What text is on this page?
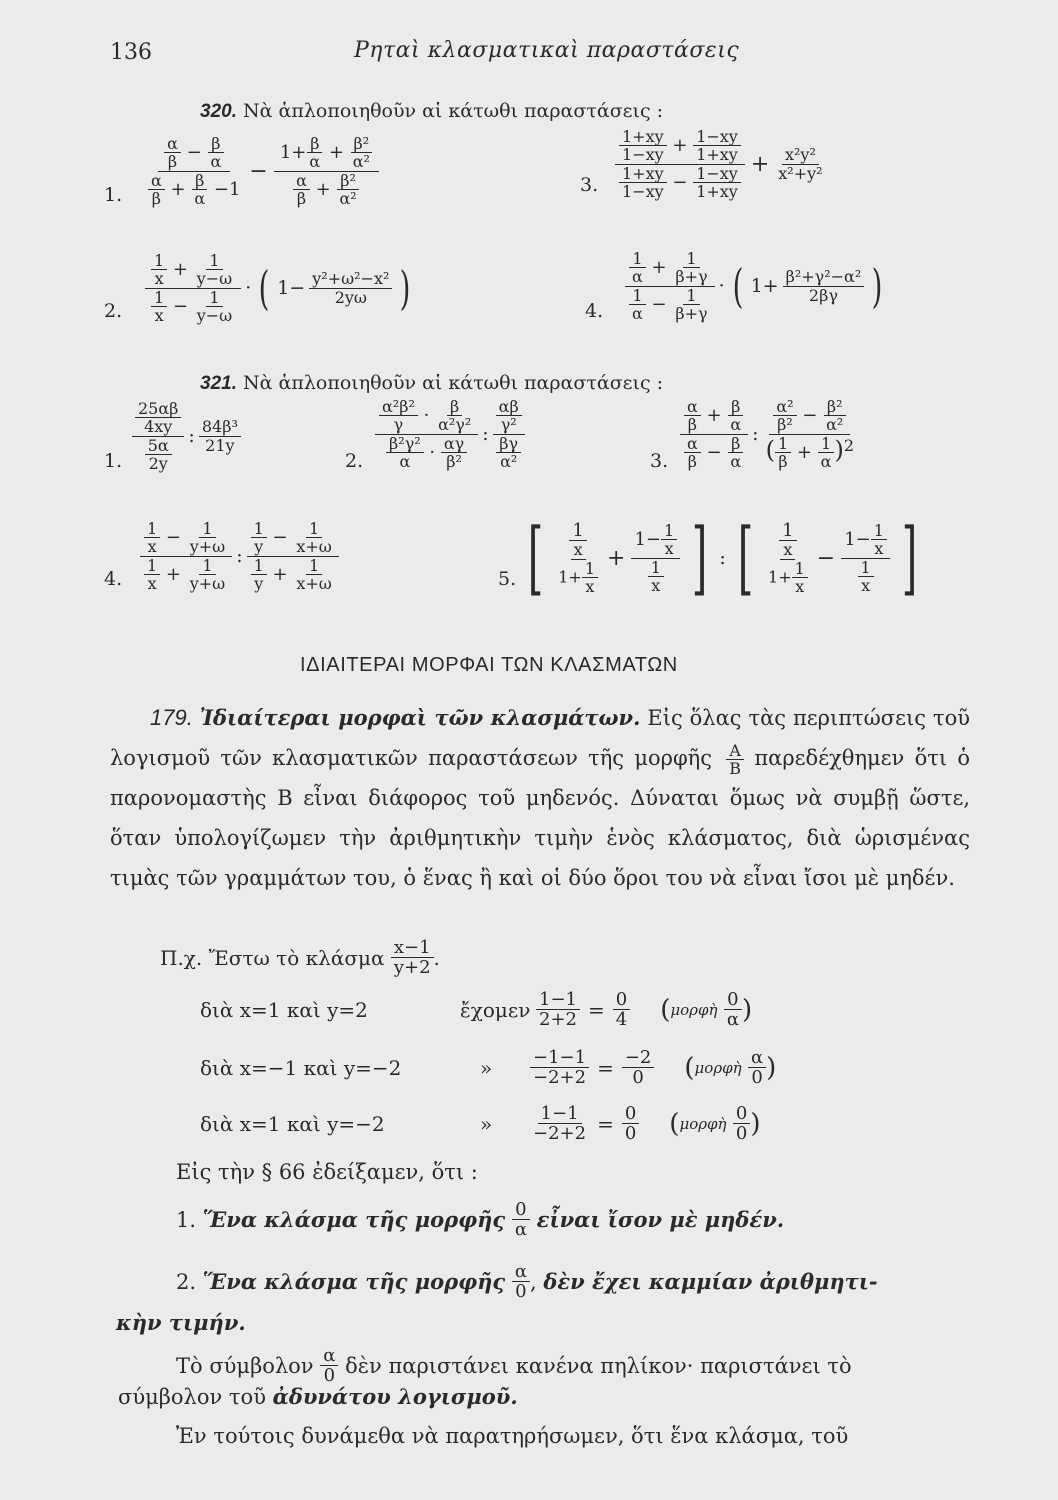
136	Ρηταὶ κλασματικαὶ παραστάσεις
320. Νὰ ἁπλοποιηθοῦν αἱ κάτωθι παραστάσεις :
1.
$\frac{\alpha}{\beta} - \frac{\beta}{\alpha}$
$\frac{\alpha}{\beta} + \frac{\beta}{\alpha} -1$
− $\frac{1+ \frac{\beta}{\alpha} + \frac{\text{β²}}{\text{α²}}}{\frac{\alpha}{\beta} + \frac{\text{β²}}{\text{α²}}}$
2.
$\frac{1}{x} + \frac{1}{y-\omega}$
$\frac{1}{x} - \frac{1}{y-\omega}$
· ( $1- \frac{\text{y²+ω²−x²}}{2y\omega}$ )
3.
$\frac{1+xy}{1-xy} + \frac{1-xy}{1+xy}$
$\frac{1+xy}{1-xy} - \frac{1-xy}{1+xy}$
+ $\frac{\text{x²y²}}{\text{x²+y²}}$
4.
$\frac{1}{\alpha} + \frac{1}{\beta+\gamma}$
$\frac{1}{\alpha} - \frac{1}{\beta+\gamma}$
· ( $1+ \frac{\text{β²+γ²−α²}}{2\beta\gamma}$ )
321. Νὰ ἁπλοποιηθοῦν αἱ κάτωθι παραστάσεις :
1.
$\frac{25\alpha\beta}{4xy}$
$\frac{5\alpha}{2y}$
: 84β³
21y
2.
$\frac{\text{α²β²}}{\gamma} \cdot \frac{\beta}{\text{α²γ²}}$
$\frac{\text{β²γ²}}{\alpha} \cdot \frac{\alpha\gamma}{\text{β²}}$
:
$\frac{\alpha\beta}{\text{γ²}}$
$\frac{\beta\gamma}{\text{α²}}$	3.
$\frac{\alpha}{\beta} + \frac{\beta}{\alpha}$
$\frac{\alpha}{\beta} - \frac{\beta}{\alpha}$
:
$\frac{\text{α²}}{\text{β²}} - \frac{\text{β²}}{\text{α²}}$
( $\frac{1}{\beta} + \frac{1}{\alpha} )^2$
4.
$\frac{1}{x} - \frac{1}{y+\omega}$
$\frac{1}{x} + \frac{1}{y+\omega}$
:
$\frac{1}{y} - \frac{1}{x+\omega}$
$\frac{1}{y} + \frac{1}{x+\omega}$	5. [ 1
$\frac{x}{1+ \frac{1}{x}} + \frac{1- \frac{1}{x}}{\frac{1}{x}}$ ] : [ 1
$\frac{x}{1+ \frac{1}{x}} - \frac{1- \frac{1}{x}}{\frac{1}{x}}$ ]
ΙΔΙΑΙΤΕΡΑΙ ΜΟΡΦΑΙ ΤΩΝ ΚΛΑΣΜΑΤΩΝ
179. Ἰδιαίτεραι μορφαὶ τῶν κλασμάτων. Εἰς ὅλας τὰς περιπτώσεις τοῦ λογισμοῦ τῶν κλασματικῶν παραστάσεων τῆς μορφῆς $\frac{A}{B}$ παρεδέχθημεν ὅτι ὁ παρονομαστὴς Β εἶναι διάφορος τοῦ μηδενός. Δύναται ὅμως νὰ συμβῇ ὥστε, ὅταν ὑπολογίζωμεν τὴν ἀριθμητικὴν τιμὴν ἑνὸς κλάσματος, διὰ ὡρισμένας τιμὰς τῶν γραμμάτων του, ὁ ἕνας ἢ καὶ οἱ δύο ὅροι του νὰ εἶναι ἴσοι μὲ μηδέν.
Π.χ. Ἔστω τὸ κλάσμα
x−1
y+2 .
διὰ x=1 καὶ y=2	ἔχομεν $\frac{1-1}{2+2} = \frac{0}{4}$ ( μορφὴ
0
α )
διὰ x=−1 καὶ y=−2	»	$\frac{-1-1}{-2+2} = \frac{-2}{0}$ ( μορφὴ
α
0 )
διὰ x=1 καὶ y=−2	»	$\frac{1-1}{-2+2} = \frac{0}{0}$ ( μορφὴ
0
0 )
Εἰς τὴν § 66 ἐδείξαμεν, ὅτι :
1.
Ἕνα κλάσμα τῆς μορφῆς
0
α
εἶναι ἴσον μὲ μηδέν.
2.
Ἕνα κλάσμα τῆς μορφῆς
α
0 , δὲν ἔχει καμμίαν ἀριθμητι-
κὴν τιμήν.
Τὸ σύμβολον
α
0
δὲν παριστάνει κανένα πηλίκον· παριστάνει τὸ
σύμβολον τοῦ ἀδυνάτου λογισμοῦ.
Ἐν τούτοις δυνάμεθα νὰ παρατηρήσωμεν, ὅτι ἕνα κλάσμα, τοῦ
